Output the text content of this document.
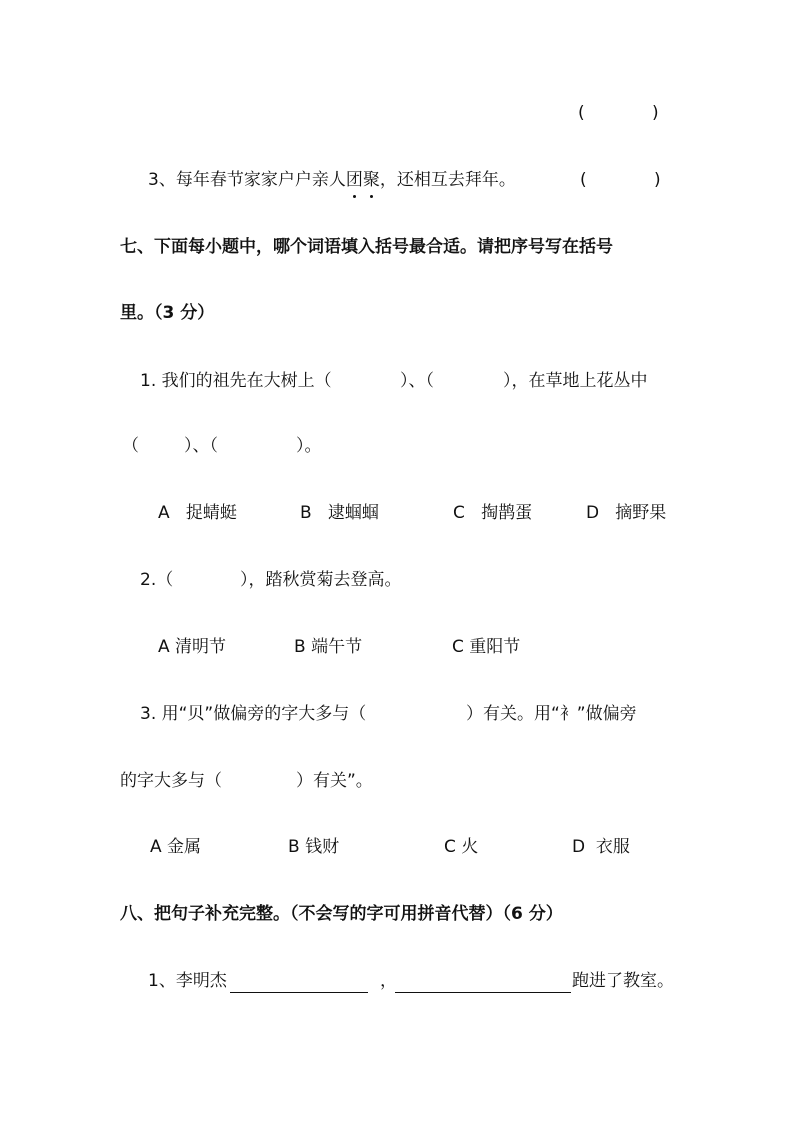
(	)
3、每年春节家家户户亲人团聚，还相互去拜年。	(	)
七、下面每小题中，哪个词语填入括号最合适。请把序号写在括号
里。（3 分）
1. 我们的祖先在大树上（	）、（	），在草地上花丛中
（	）、（	）。
A   捉蜻蜓	B   逮蝈蝈	C   掏鹊蛋	D   摘野果
2.（	），踏秋赏菊去登高。
A 清明节	B 端午节	C 重阳节
3. 用“贝”做偏旁的字大多与（	）有关。用“衤”做偏旁
的字大多与（	）有关”。
A 金属	B 钱财	C 火	D  衣服
八、把句子补充完整。（不会写的字可用拼音代替）（6 分）
1、李明杰	，	跑进了教室。
